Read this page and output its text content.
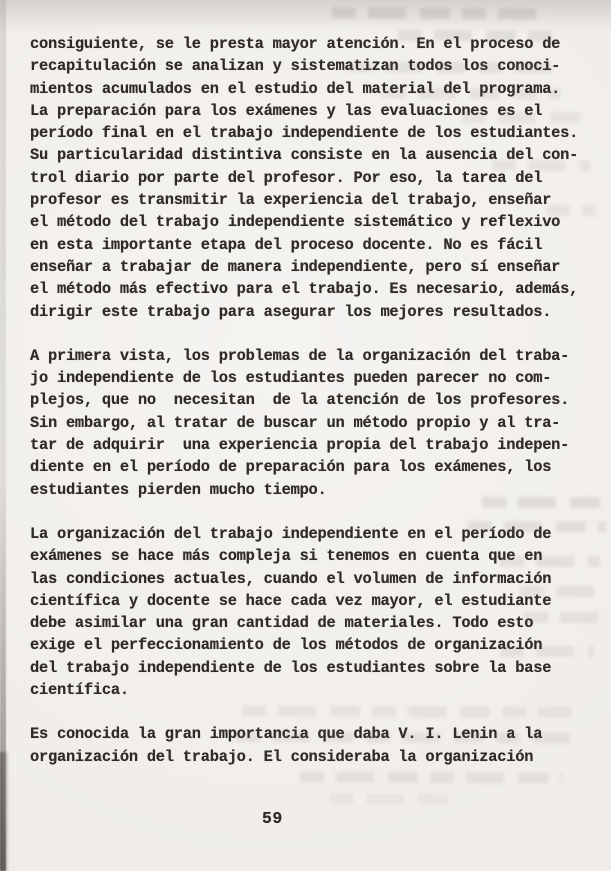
consiguiente, se le presta mayor atención. En el proceso de
recapitulación se analizan y sistematizan todos los conoci-
mientos acumulados en el estudio del material del programa.
La preparación para los exámenes y las evaluaciones es el
período final en el trabajo independiente de los estudiantes.
Su particularidad distintiva consiste en la ausencia del con-
trol diario por parte del profesor. Por eso, la tarea del
profesor es transmitir la experiencia del trabajo, enseñar
el método del trabajo independiente sistemático y reflexivo
en esta importante etapa del proceso docente. No es fácil
enseñar a trabajar de manera independiente, pero sí enseñar
el método más efectivo para el trabajo. Es necesario, además,
dirigir este trabajo para asegurar los mejores resultados.
A primera vista, los problemas de la organización del traba-
jo independiente de los estudiantes pueden parecer no com-
plejos, que no  necesitan  de la atención de los profesores.
Sin embargo, al tratar de buscar un método propio y al tra-
tar de adquirir  una experiencia propia del trabajo indepen-
diente en el período de preparación para los exámenes, los
estudiantes pierden mucho tiempo.
La organización del trabajo independiente en el período de
exámenes se hace más compleja si tenemos en cuenta que en
las condiciones actuales, cuando el volumen de información
científica y docente se hace cada vez mayor, el estudiante
debe asimilar una gran cantidad de materiales. Todo esto
exige el perfeccionamiento de los métodos de organización
del trabajo independiente de los estudiantes sobre la base
científica.
Es conocida la gran importancia que daba V. I. Lenin a la
organización del trabajo. El consideraba la organización
59
